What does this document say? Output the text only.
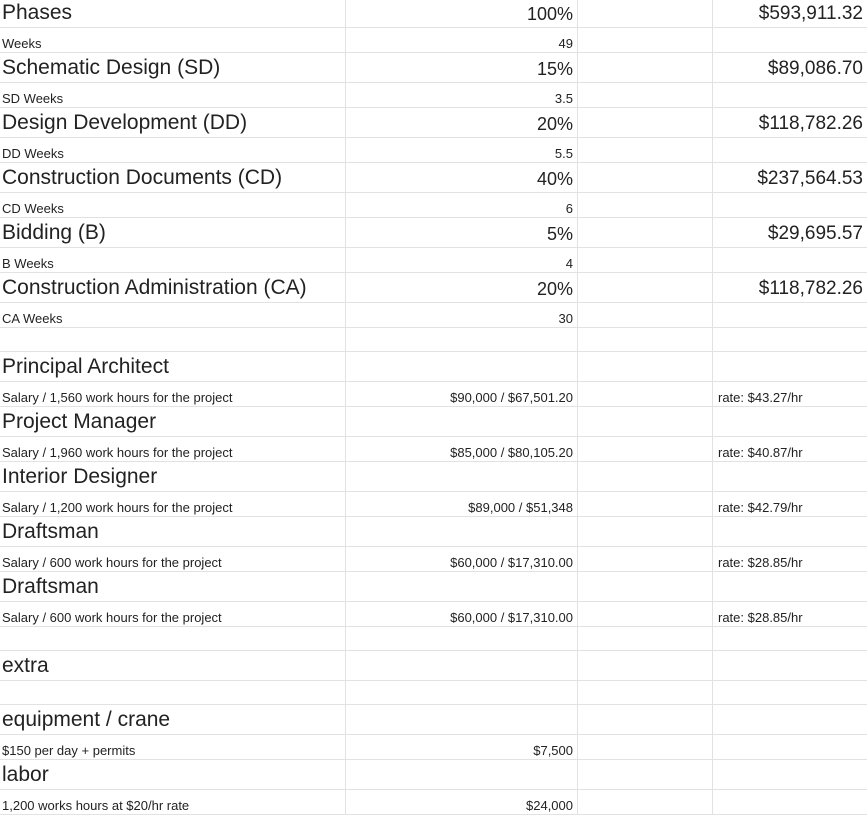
Phases	100%	$593,911.32
Weeks	49
Schematic Design (SD)	15%	$89,086.70
SD Weeks	3.5
Design Development (DD)	20%	$118,782.26
DD Weeks	5.5
Construction Documents (CD)	40%	$237,564.53
CD Weeks	6
Bidding (B)	5%	$29,695.57
B Weeks	4
Construction Administration (CA)	20%	$118,782.26
CA Weeks	30
Principal Architect
Salary / 1,560 work hours for the project	$90,000 / $67,501.20	rate: $43.27/hr
Project Manager
Salary / 1,960 work hours for the project	$85,000 / $80,105.20	rate: $40.87/hr
Interior Designer
Salary / 1,200 work hours for the project	$89,000 / $51,348	rate: $42.79/hr
Draftsman
Salary / 600 work hours for the project	$60,000 / $17,310.00	rate: $28.85/hr
Draftsman
Salary / 600 work hours for the project	$60,000 / $17,310.00	rate: $28.85/hr
extra
equipment / crane
$150 per day + permits	$7,500
labor
1,200 works hours at $20/hr rate	$24,000
